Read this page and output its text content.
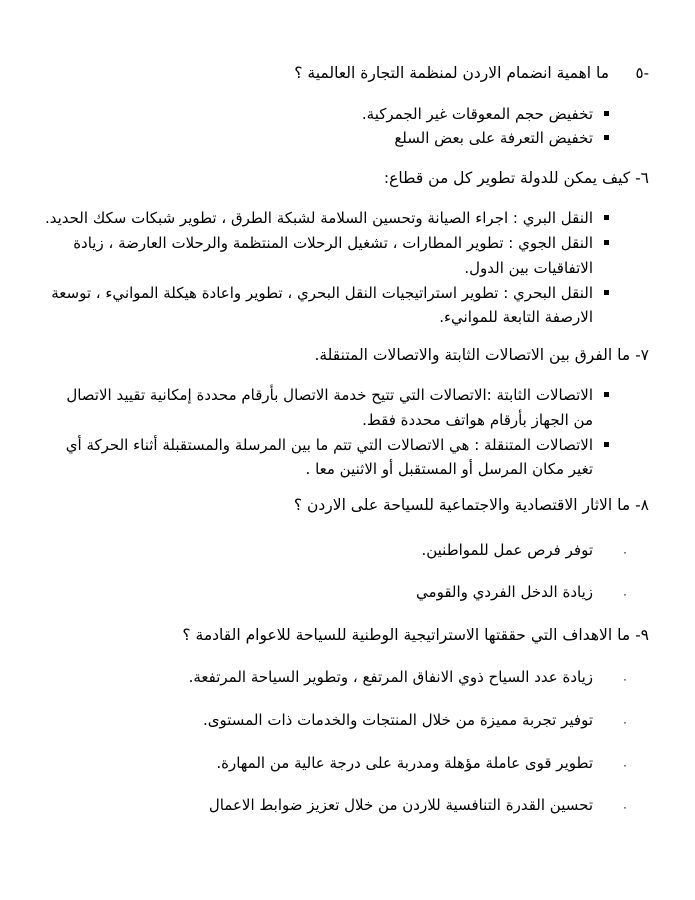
-٥
ما اهمية انضمام الاردن لمنظمة التجارة العالمية ؟
تخفيض حجم المعوقات غير الجمركية.
تخفيض التعرفة على بعض السلع
٦- كيف يمكن للدولة تطوير كل من قطاع:
النقل البري : اجراء الصيانة وتحسين السلامة لشبكة الطرق ، تطوير شبكات سكك الحديد.
النقل الجوي : تطوير المطارات ، تشغيل الرحلات المنتظمة والرحلات العارضة ، زيادة
الاتفاقيات بين الدول.
النقل البحري : تطوير استراتيجيات النقل البحري ، تطوير واعادة هيكلة الموانيء ، توسعة
الارصفة التابعة للموانيء.
٧- ما الفرق بين الاتصالات الثابتة والاتصالات المتنقلة.
الاتصالات الثابتة :الاتصالات التي تتيح خدمة الاتصال بأرقام محددة إمكانية تقييد الاتصال
من الجهاز بأرقام هواتف محددة فقط.
الاتصالات المتنقلة : هي الاتصالات التي تتم ما بين المرسلة والمستقبلة أثناء الحركة أي
تغير مكان المرسل أو المستقبل أو الاثنين معا .
٨- ما الاثار الاقتصادية والاجتماعية للسياحة على الاردن ؟
٠
توفر فرص عمل للمواطنين.
٠
زيادة الدخل الفردي والقومي
٩- ما الاهداف التي حققتها الاستراتيجية الوطنية للسياحة للاعوام القادمة ؟
٠
زيادة عدد السياح ذوي الانفاق المرتفع ، وتطوير السياحة المرتفعة.
٠
توفير تجربة مميزة من خلال المنتجات والخدمات ذات المستوى.
٠
تطوير قوى عاملة مؤهلة ومدربة على درجة عالية من المهارة.
٠
تحسين القدرة التنافسية للاردن من خلال تعزيز ضوابط الاعمال
